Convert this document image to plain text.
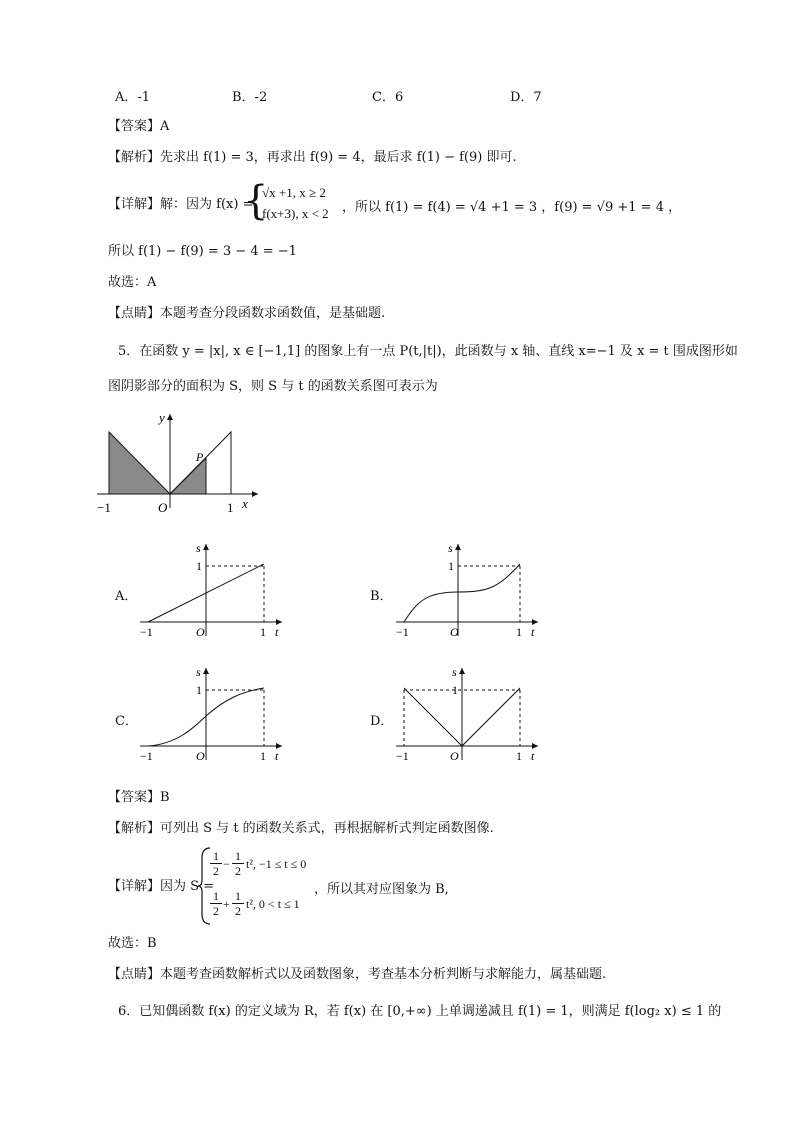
A．-1	B．-2	C．6	D．7
【答案】A
【解析】先求出 f(1) = 3，再求出 f(9) = 4，最后求 f(1) − f(9) 即可.
【详解】解：因为 f(x) =
{
√x +1, x ≥ 2
f(x+3), x < 2 ，所以 f(1) = f(4) = √4 +1 = 3 ，f(9) = √9 +1 = 4 ，
所以 f(1) − f(9) = 3 − 4 = −1
故选：A
【点睛】本题考查分段函数求函数值，是基础题.
5．在函数 y = |x|, x ∈ [−1,1] 的图象上有一点 P(t,|t|)，此函数与 x 轴、直线 x=−1 及 x = t 围成图形如
图阴影部分的面积为 S，则 S 与 t 的函数关系图可表示为
y
x
P
−1	O	1
A．
s
1
−1	O	1 t
B．
s
1
−1	O	1 t
C．
s
1
−1	O	1 t
D．
s
1
−1	O	1 t
【答案】B
【解析】可列出 S 与 t 的函数关系式，再根据解析式判定函数图像.
【详解】因为 S =
$\frac{1}{2} - \frac{1}{2} t^2$, −1 ≤ t ≤ 0
$\frac{1}{2} + \frac{1}{2} t^2$, 0 < t ≤ 1
，所以其对应图象为 B,
故选：B
【点睛】本题考查函数解析式以及函数图象，考查基本分析判断与求解能力，属基础题.
6．已知偶函数 f(x) 的定义域为 R，若 f(x) 在 [0,+∞) 上单调递减且 f(1) = 1，则满足 f(log₂ x) ≤ 1 的
